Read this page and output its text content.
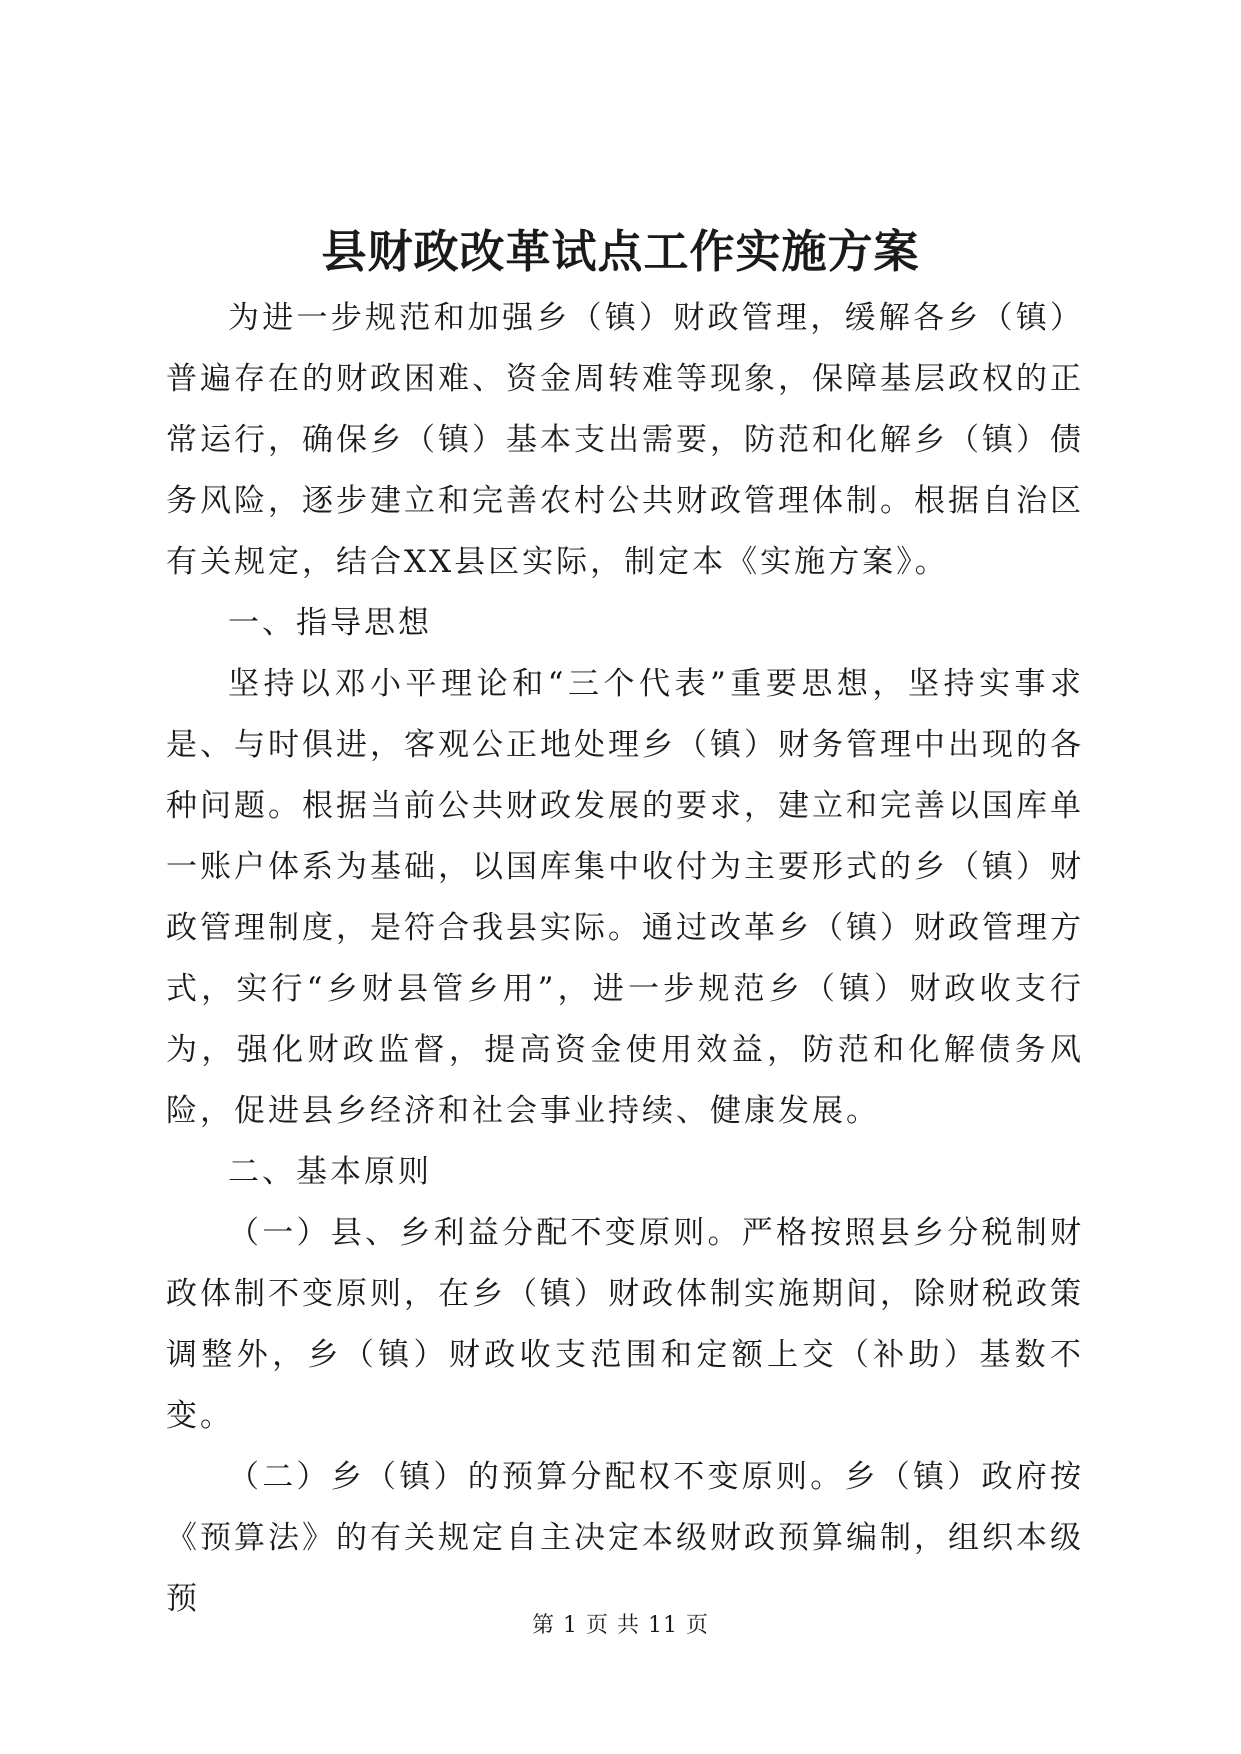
县财政改革试点工作实施方案

为进一步规范和加强乡（镇）财政管理，缓解各乡（镇）普遍存在的财政困难、资金周转难等现象，保障基层政权的正常运行，确保乡（镇）基本支出需要，防范和化解乡（镇）债务风险，逐步建立和完善农村公共财政管理体制。根据自治区有关规定，结合XX县区实际，制定本《实施方案》。

一、指导思想

坚持以邓小平理论和“三个代表”重要思想，坚持实事求是、与时俱进，客观公正地处理乡（镇）财务管理中出现的各种问题。根据当前公共财政发展的要求，建立和完善以国库单一账户体系为基础，以国库集中收付为主要形式的乡（镇）财政管理制度，是符合我县实际。通过改革乡（镇）财政管理方式，实行“乡财县管乡用”，进一步规范乡（镇）财政收支行为，强化财政监督，提高资金使用效益，防范和化解债务风险，促进县乡经济和社会事业持续、健康发展。

二、基本原则

（一）县、乡利益分配不变原则。严格按照县乡分税制财政体制不变原则，在乡（镇）财政体制实施期间，除财税政策调整外，乡（镇）财政收支范围和定额上交（补助）基数不变。

（二）乡（镇）的预算分配权不变原则。乡（镇）政府按《预算法》的有关规定自主决定本级财政预算编制，组织本级预

第 1 页 共 11 页
